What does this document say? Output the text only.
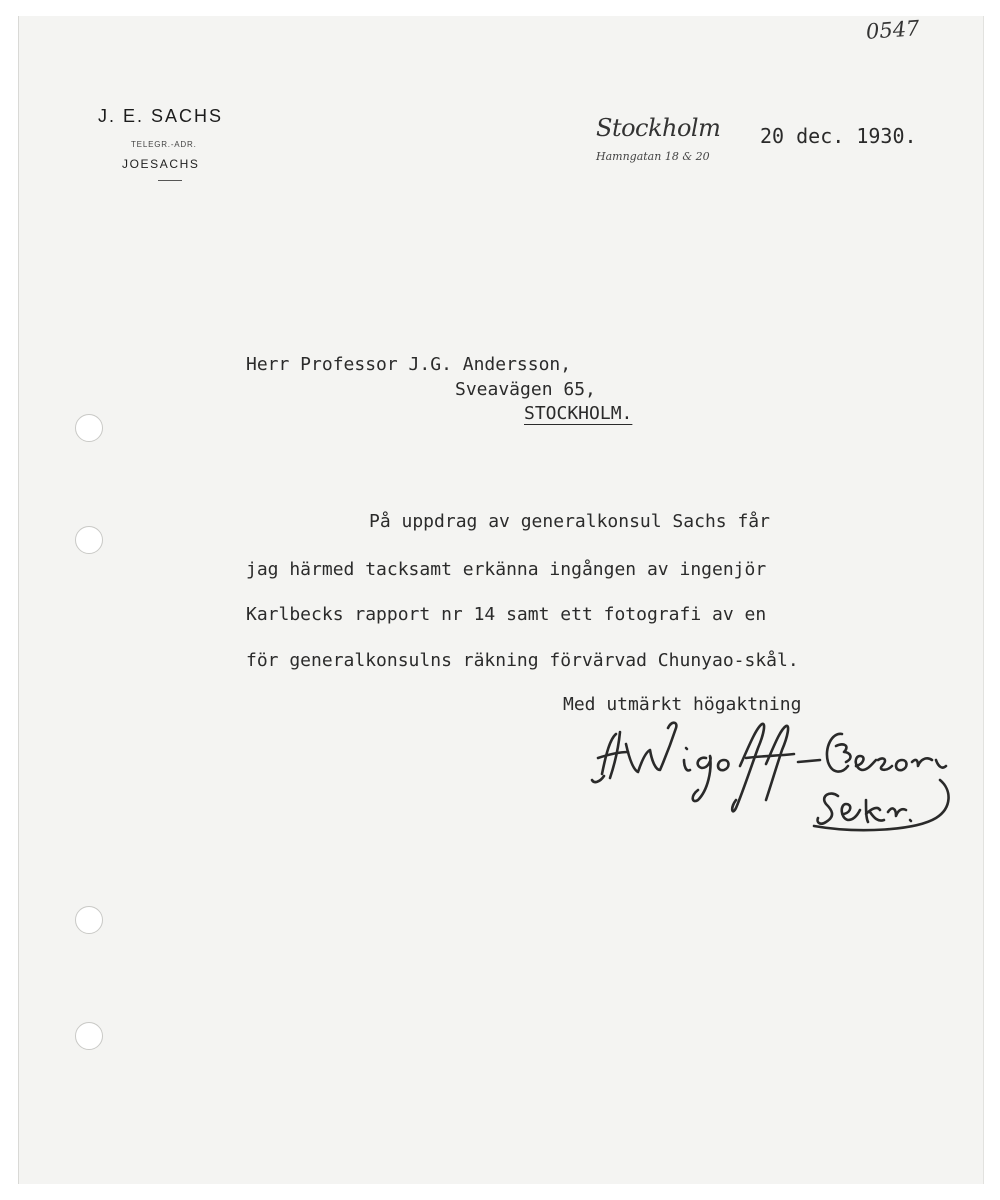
0547
J. E. SACHS
TELEGR.-ADR.
JOESACHS
Stockholm
Hamngatan 18 & 20
20 dec. 1930.
Herr Professor J.G. Andersson,
Sveavägen 65,
STOCKHOLM.
På uppdrag av generalkonsul Sachs får
jag härmed tacksamt erkänna ingången av ingenjör
Karlbecks rapport nr 14 samt ett fotografi av en
för generalkonsulns räkning förvärvad Chunyao-skål.
Med utmärkt högaktning
